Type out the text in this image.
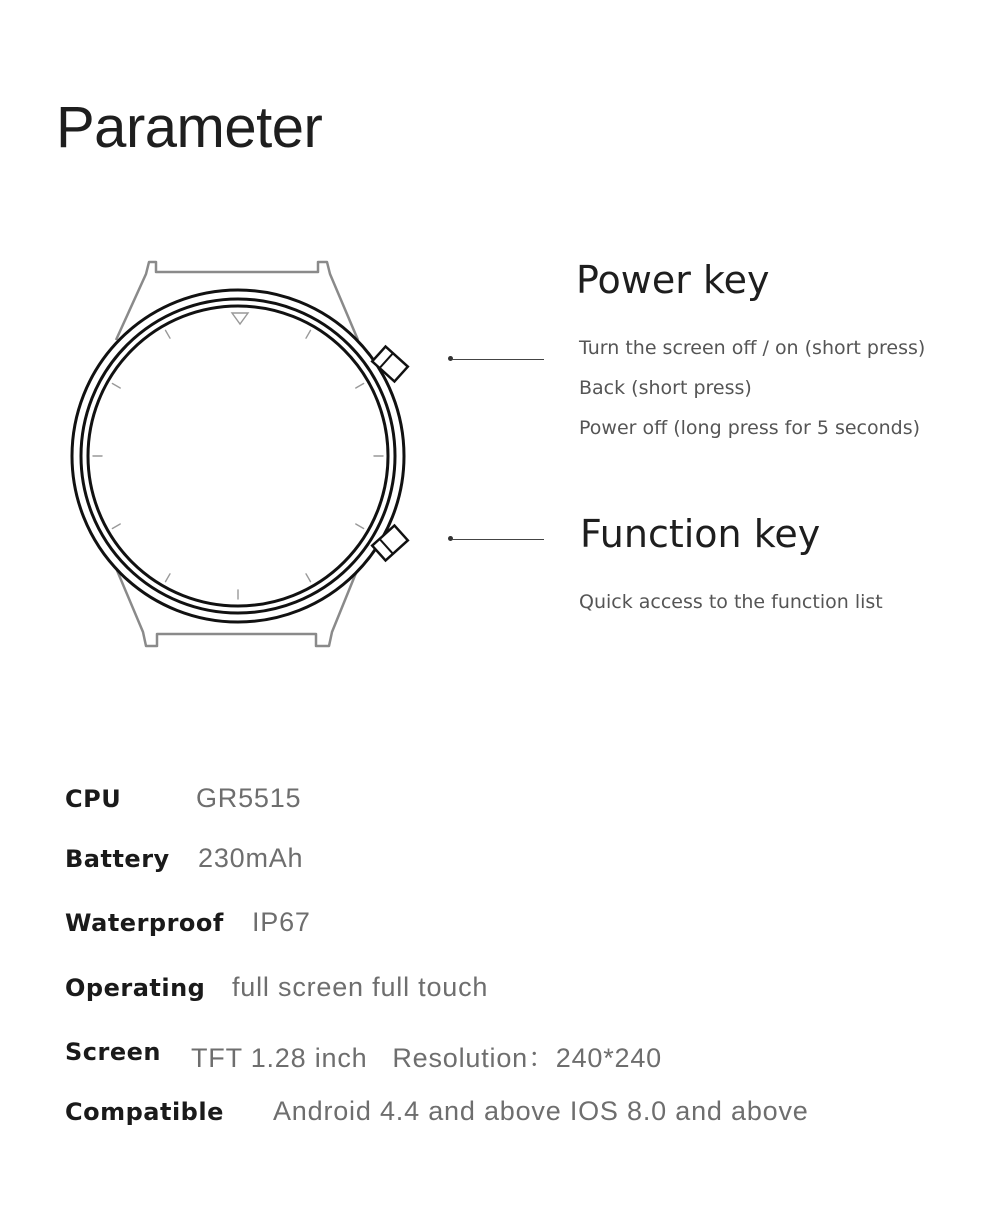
Parameter
Power key
Turn the screen off / on (short press)
Back (short press)
Power off (long press for 5 seconds)
Function key
Quick access to the function list
CPU	GR5515
Battery 230mAh
Waterproof IP67
Operating full screen full touch
Screen TFT 1.28 inch   Resolution：240*240
Compatible Android 4.4 and above IOS 8.0 and above
